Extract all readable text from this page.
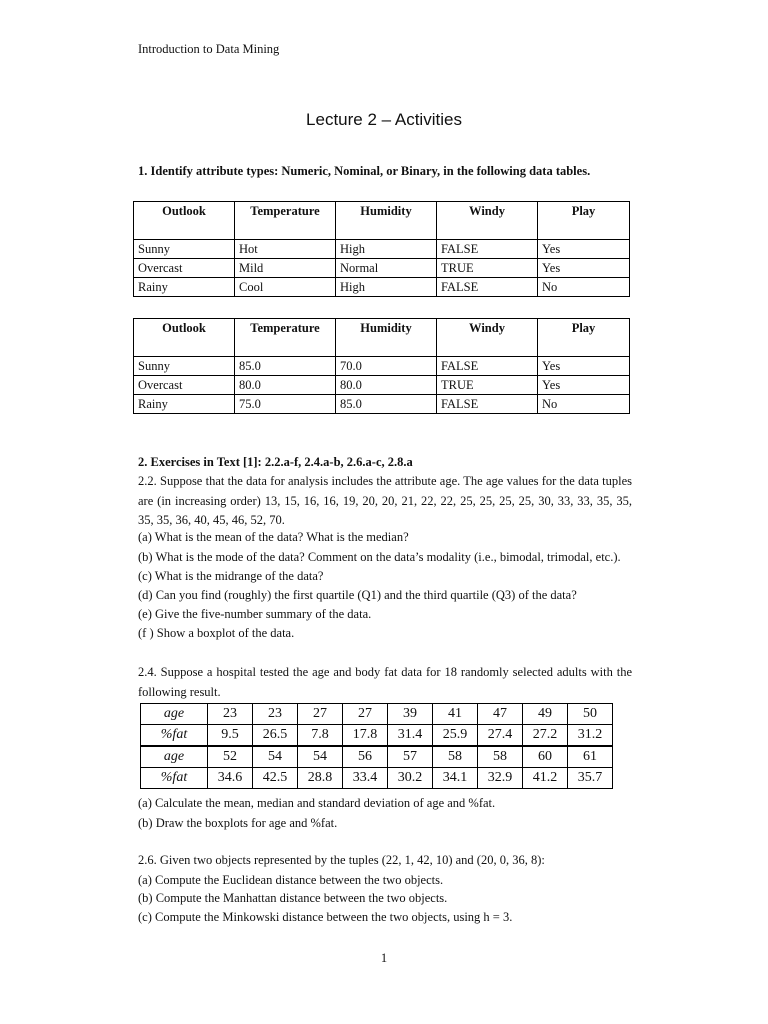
Introduction to Data Mining
Lecture 2 – Activities
1. Identify attribute types: Numeric, Nominal, or Binary, in the following data tables.
Outlook	Temperature	Humidity	Windy	Play
Sunny	Hot	High	FALSE	Yes
Overcast	Mild	Normal	TRUE	Yes
Rainy	Cool	High	FALSE	No
Outlook	Temperature	Humidity	Windy	Play
Sunny	85.0	70.0	FALSE	Yes
Overcast	80.0	80.0	TRUE	Yes
Rainy	75.0	85.0	FALSE	No
2. Exercises in Text [1]: 2.2.a-f, 2.4.a-b, 2.6.a-c, 2.8.a
2.2. Suppose that the data for analysis includes the attribute age. The age values for the data tuples are (in increasing order) 13, 15, 16, 16, 19, 20, 20, 21, 22, 22, 25, 25, 25, 25, 30, 33, 33, 35, 35, 35, 35, 36, 40, 45, 46, 52, 70.
(a) What is the mean of the data? What is the median?
(b) What is the mode of the data? Comment on the data’s modality (i.e., bimodal, trimodal, etc.).
(c) What is the midrange of the data?
(d) Can you find (roughly) the first quartile (Q1) and the third quartile (Q3) of the data?
(e) Give the five-number summary of the data.
(f ) Show a boxplot of the data.
2.4. Suppose a hospital tested the age and body fat data for 18 randomly selected adults with the following result.
age	23	23	27	27	39	41	47	49	50
%fat	9.5	26.5	7.8	17.8	31.4	25.9	27.4	27.2	31.2
age	52	54	54	56	57	58	58	60	61
%fat	34.6	42.5	28.8	33.4	30.2	34.1	32.9	41.2	35.7
(a) Calculate the mean, median and standard deviation of age and %fat.
(b) Draw the boxplots for age and %fat.
2.6. Given two objects represented by the tuples (22, 1, 42, 10) and (20, 0, 36, 8):
(a) Compute the Euclidean distance between the two objects.
(b) Compute the Manhattan distance between the two objects.
(c) Compute the Minkowski distance between the two objects, using h = 3.
1
